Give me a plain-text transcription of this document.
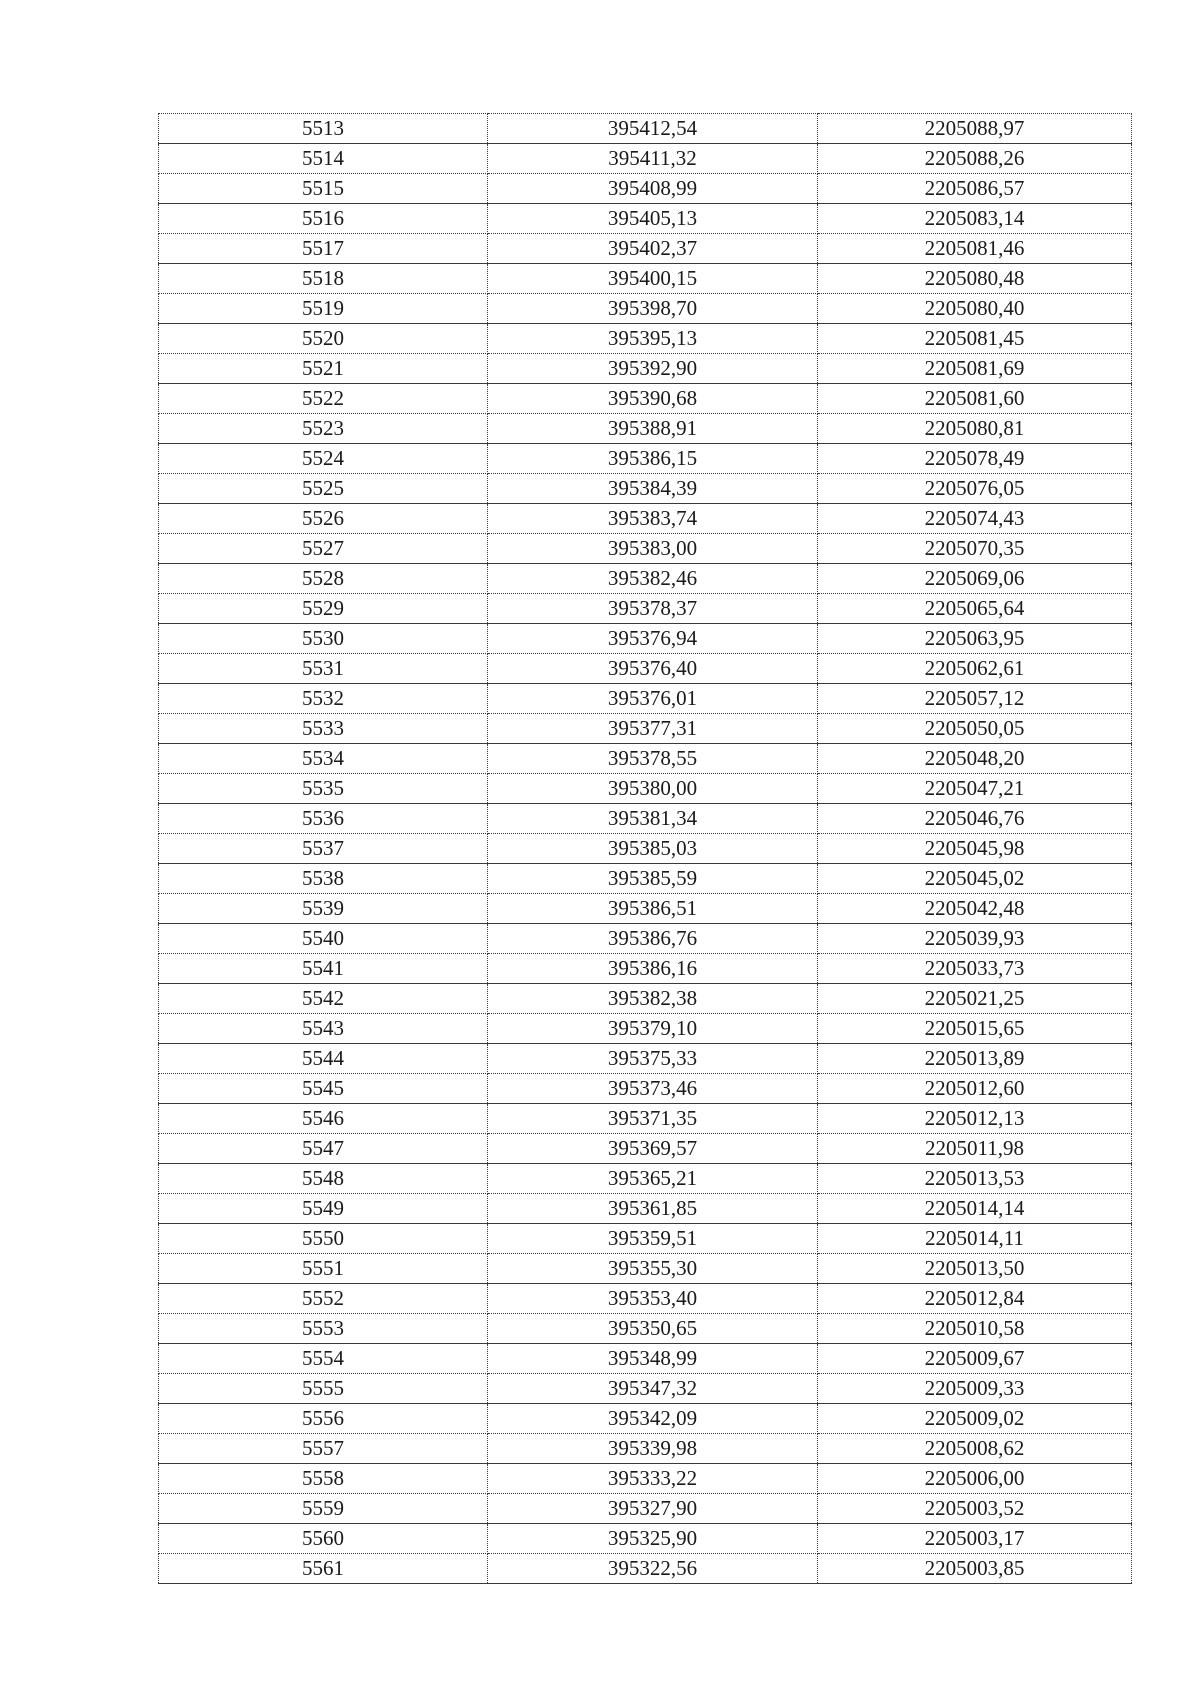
5513	395412,54	2205088,97
5514	395411,32	2205088,26
5515	395408,99	2205086,57
5516	395405,13	2205083,14
5517	395402,37	2205081,46
5518	395400,15	2205080,48
5519	395398,70	2205080,40
5520	395395,13	2205081,45
5521	395392,90	2205081,69
5522	395390,68	2205081,60
5523	395388,91	2205080,81
5524	395386,15	2205078,49
5525	395384,39	2205076,05
5526	395383,74	2205074,43
5527	395383,00	2205070,35
5528	395382,46	2205069,06
5529	395378,37	2205065,64
5530	395376,94	2205063,95
5531	395376,40	2205062,61
5532	395376,01	2205057,12
5533	395377,31	2205050,05
5534	395378,55	2205048,20
5535	395380,00	2205047,21
5536	395381,34	2205046,76
5537	395385,03	2205045,98
5538	395385,59	2205045,02
5539	395386,51	2205042,48
5540	395386,76	2205039,93
5541	395386,16	2205033,73
5542	395382,38	2205021,25
5543	395379,10	2205015,65
5544	395375,33	2205013,89
5545	395373,46	2205012,60
5546	395371,35	2205012,13
5547	395369,57	2205011,98
5548	395365,21	2205013,53
5549	395361,85	2205014,14
5550	395359,51	2205014,11
5551	395355,30	2205013,50
5552	395353,40	2205012,84
5553	395350,65	2205010,58
5554	395348,99	2205009,67
5555	395347,32	2205009,33
5556	395342,09	2205009,02
5557	395339,98	2205008,62
5558	395333,22	2205006,00
5559	395327,90	2205003,52
5560	395325,90	2205003,17
5561	395322,56	2205003,85
